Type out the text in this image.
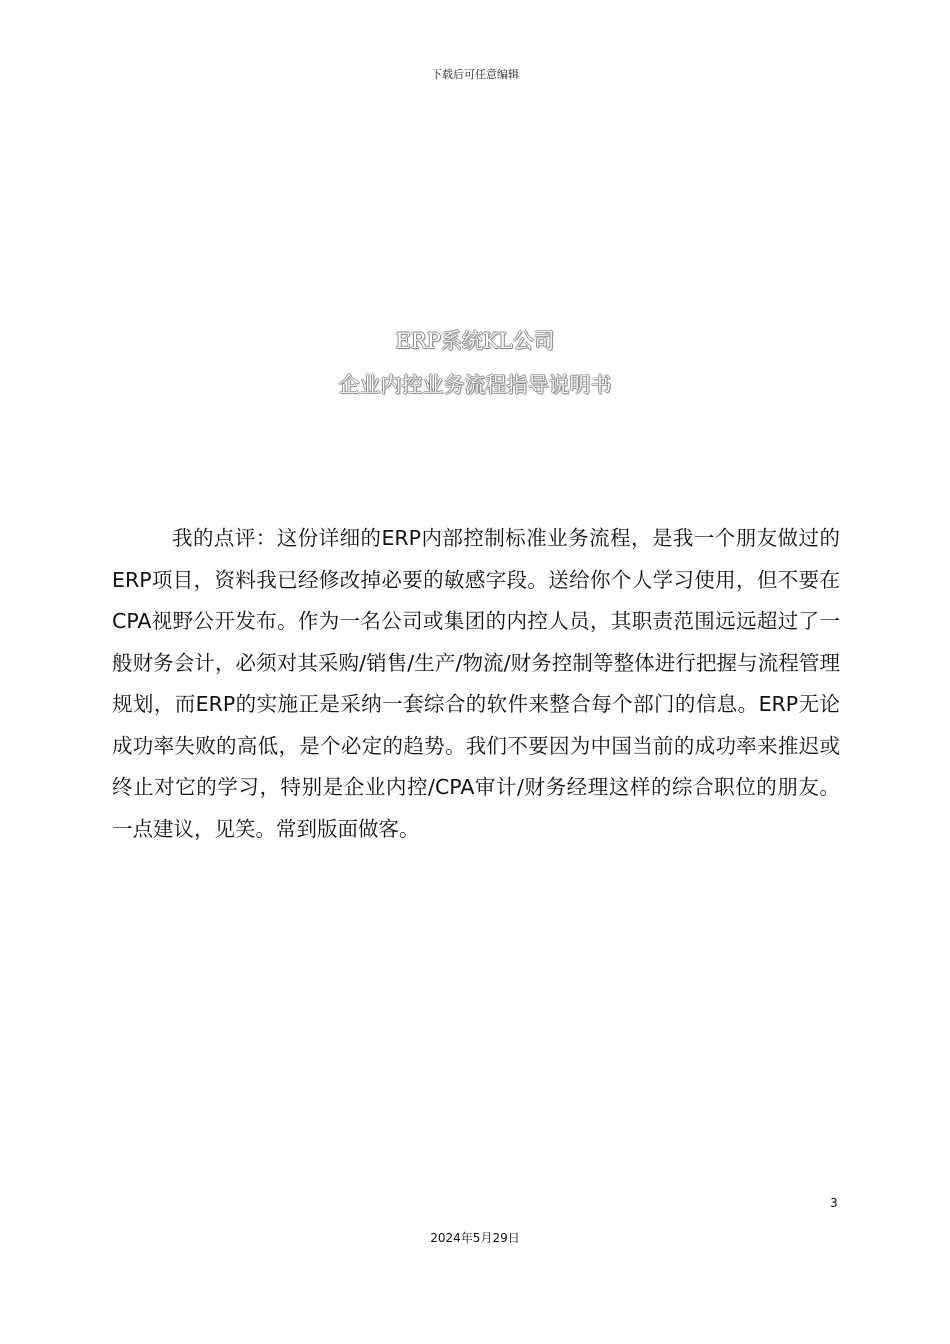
下载后可任意编辑
ERP系统KL公司
企业内控业务流程指导说明书

我的点评：这份详细的ERP内部控制标准业务流程，是我一个朋友做过的ERP项目，资料我已经修改掉必要的敏感字段。送给你个人学习使用，但不要在CPA视野公开发布。作为一名公司或集团的内控人员，其职责范围远远超过了一般财务会计，必须对其采购/销售/生产/物流/财务控制等整体进行把握与流程管理规划，而ERP的实施正是采纳一套综合的软件来整合每个部门的信息。ERP无论成功率失败的高低，是个必定的趋势。我们不要因为中国当前的成功率来推迟或终止对它的学习，特别是企业内控/CPA审计/财务经理这样的综合职位的朋友。一点建议，见笑。常到版面做客。

3
2024年5月29日
